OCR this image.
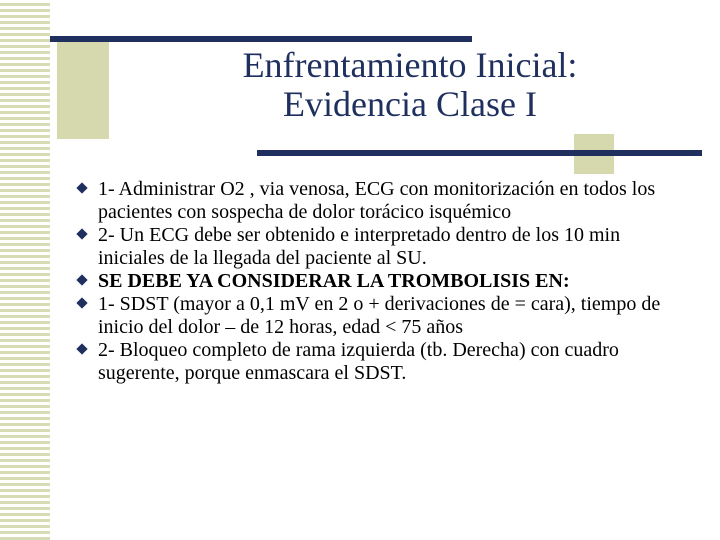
Enfrentamiento Inicial:
Evidencia Clase I
1- Administrar O2 , via venosa, ECG con monitorización en todos los pacientes con sospecha de dolor torácico isquémico
2- Un ECG debe ser obtenido e interpretado dentro de los 10 min iniciales de la llegada del paciente al SU.
SE DEBE YA CONSIDERAR LA TROMBOLISIS EN:
1- SDST (mayor a 0,1 mV en 2 o + derivaciones de = cara), tiempo de inicio del dolor – de 12 horas, edad < 75 años
2- Bloqueo completo de rama izquierda (tb. Derecha) con cuadro sugerente, porque enmascara el SDST.
